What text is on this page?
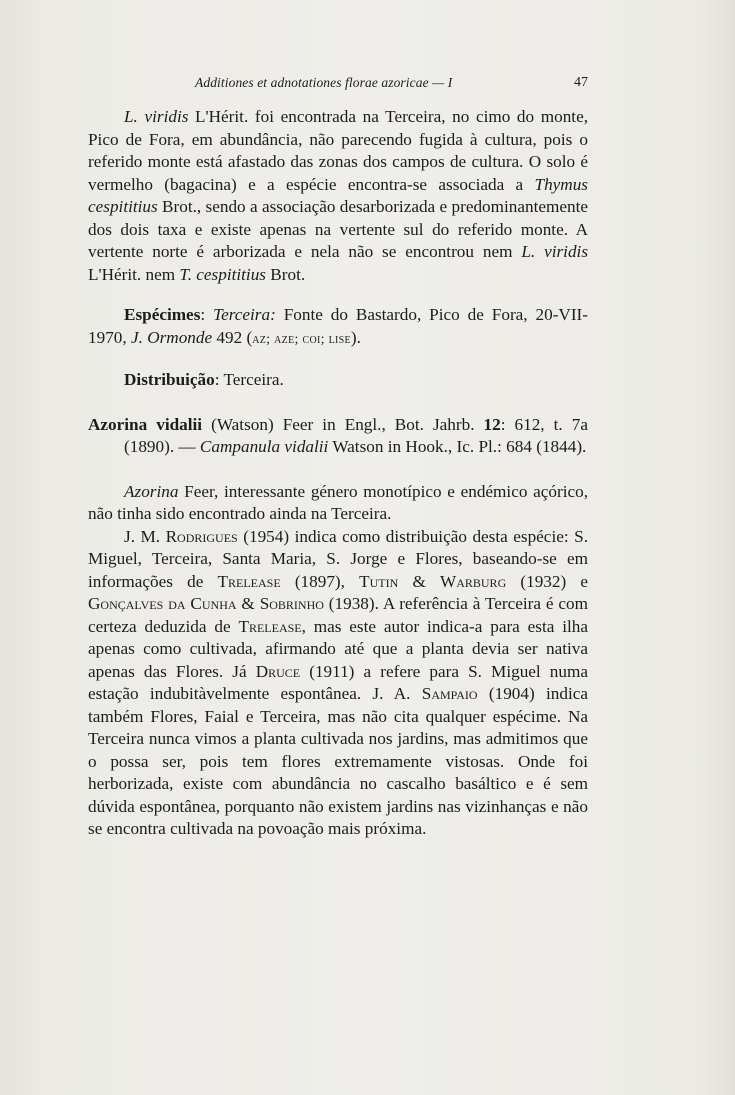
Additiones et adnotationes florae azoricae — I	47

L. viridis L'Hérit. foi encontrada na Terceira, no cimo do monte, Pico de Fora, em abundância, não parecendo fugida à cultura, pois o referido monte está afastado das zonas dos campos de cultura. O solo é vermelho (bagacina) e a espécie encontra-se associada a Thymus cespititius Brot., sendo a associação desarborizada e predominantemente dos dois taxa e existe apenas na vertente sul do referido monte. A vertente norte é arborizada e nela não se encontrou nem L. viridis L'Hérit. nem T. cespititius Brot.

Espécimes: Terceira: Fonte do Bastardo, Pico de Fora, 20-VII-1970, J. Ormonde 492 (az; aze; coi; lise).

Distribuição: Terceira.

Azorina vidalii (Watson) Feer in Engl., Bot. Jahrb. 12: 612, t. 7a (1890). — Campanula vidalii Watson in Hook., Ic. Pl.: 684 (1844).

Azorina Feer, interessante género monotípico e endémico açórico, não tinha sido encontrado ainda na Terceira.

J. M. Rodrigues (1954) indica como distribuição desta espécie: S. Miguel, Terceira, Santa Maria, S. Jorge e Flores, baseando-se em informações de Trelease (1897), Tutin & Warburg (1932) e Gonçalves da Cunha & Sobrinho (1938). A referência à Terceira é com certeza deduzida de Trelease, mas este autor indica-a para esta ilha apenas como cultivada, afirmando até que a planta devia ser nativa apenas das Flores. Já Druce (1911) a refere para S. Miguel numa estação indubitàvelmente espontânea. J. A. Sampaio (1904) indica também Flores, Faial e Terceira, mas não cita qualquer espécime. Na Terceira nunca vimos a planta cultivada nos jardins, mas admitimos que o possa ser, pois tem flores extremamente vistosas. Onde foi herborizada, existe com abundância no cascalho basáltico e é sem dúvida espontânea, porquanto não existem jardins nas vizinhanças e não se encontra cultivada na povoação mais próxima.
